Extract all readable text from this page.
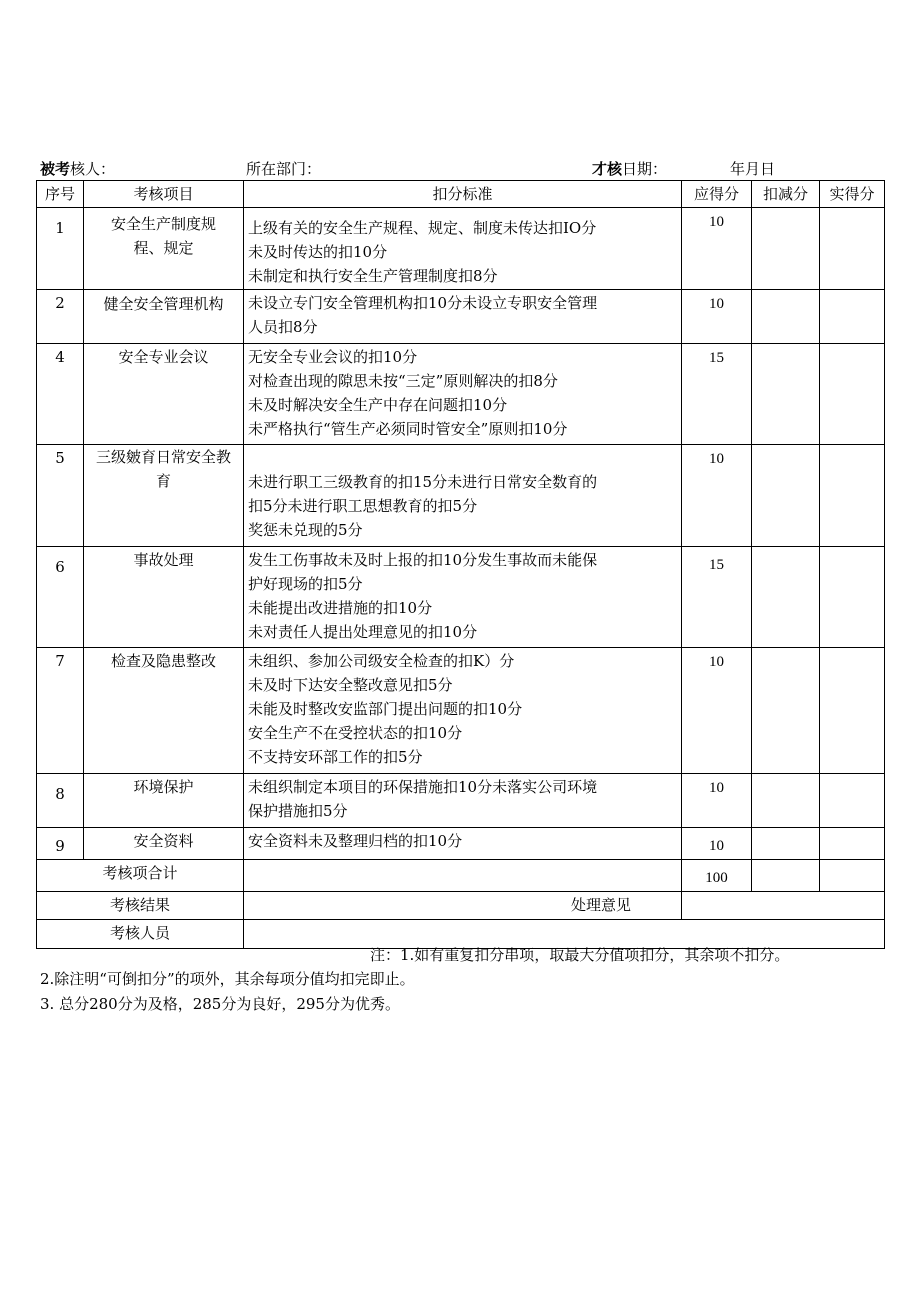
被考核人：	所在部门：	才核日期：	年月日
序号	考核项目	扣分标准	应得分	扣减分	实得分
1	安全生产制度规程、规定	上级有关的安全生产规程、规定、制度未传达扣IO分
未及时传达的扣10分
未制定和执行安全生产管理制度扣8分	10		
2	健全安全管理机构	未设立专门安全管理机构扣10分未设立专职安全管理
人员扣8分	10		
4	安全专业会议	无安全专业会议的扣10分
对检查出现的隙思未按“三定”原则解决的扣8分
未及时解决安全生产中存在问题扣10分
未严格执行“管生产必须同时管安全”原则扣10分	15		
5	三级皴育日常安全教育	未进行职工三级教育的扣15分未进行日常安全数育的
扣5分未进行职工思想教育的扣5分
奖惩未兑现的5分	10		
6	事故处理	发生工伤事故未及时上报的扣10分发生事故而未能保
护好现场的扣5分
未能提出改进措施的扣10分
未对责任人提出处理意见的扣10分	15		
7	检查及隐患整改	未组织、参加公司级安全检查的扣K）分
未及时下达安全整改意见扣5分
未能及时整改安监部门提出问题的扣10分
安全生产不在受控状态的扣10分
不支持安环部工作的扣5分	10		
8	环境保护	未组织制定本项目的环保措施扣10分未落实公司环境
保护措施扣5分	10		
9	安全资料	安全资料未及整理归档的扣10分	10		
考核项合计			100		
考核结果		处理意见			
考核人员					
注：1.如有重复扣分串项，取最大分值项扣分，其余项不扣分。
2.除注明“可倒扣分”的项外，其余每项分值均扣完即止。
3. 总分280分为及格，285分为良好，295分为优秀。
